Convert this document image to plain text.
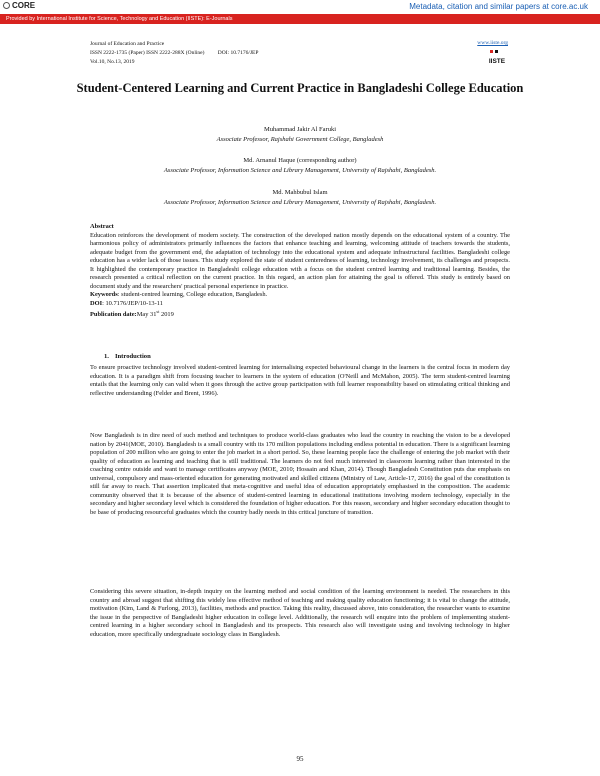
CORE	Metadata, citation and similar papers at core.ac.uk
Provided by International Institute for Science, Technology and Education (IISTE): E-Journals
Journal of Education and Practice
ISSN 2222-1735 (Paper) ISSN 2222-288X (Online) DOI: 10.7176/JEP
Vol.10, No.13, 2019
www.iiste.org
IISTE
Student-Centered Learning and Current Practice in Bangladeshi College Education
Muhammad Jakir Al Faruki
Associate Professor, Rajshahi Government College, Bangladesh
Md. Arnanul Haque (corresponding author)
Associate Professor, Information Science and Library Management, University of Rajshahi, Bangladesh.
Md. Mahbubul Islam
Associate Professor, Information Science and Library Management, University of Rajshahi, Bangladesh.
Abstract

Education reinforces the development of modern society. The construction of the developed nation mostly depends on the educational system of a country. The harmonious policy of administrators primarily influences the factors that enhance teaching and learning, welcoming attitude of teachers towards the students, adequate budget from the government end, the adaptation of technology into the educational system and adequate infrastructural facilities. Bangladeshi college education has a wider lack of those issues. This study explored the state of student centeredness of learning, technology involvement, its challenges and prospects. It highlighted the contemporary practice in Bangladeshi college education with a focus on the student centred learning and traditional learning. Besides, the research presented a critical reflection on the current practice. In this regard, an action plan for attaining the goal is offered. This study is entirely based on document study and the researchers' practical personal experience in practice.

Keywords: student-centred learning, College education, Bangladesh.
DOI: 10.7176/JEP/10-13-11
Publication date:May 31st 2019
1. Introduction

To ensure proactive technology involved student-centred learning for internalising expected behavioural change in the learners is the central focus in modern day education. It is a paradigm shift from focusing teacher to learners in the system of education (O'Neill and McMahon, 2005). The term student-centred learning entails that the learning only can valid when it goes through the active group participation with full learner responsibility based on stimulating critical thinking and reflective understanding (Felder and Brent, 1996).

Now Bangladesh is in dire need of such method and techniques to produce world-class graduates who lead the country in reaching the vision to be a developed nation by 2041(MOE, 2010). Bangladesh is a small country with its 170 million populations including endless potential in education. There is a significant learning population of 200 million who are going to enter the job market in a short period. So, these learning people face the challenge of entering the job market with their quality of education as learning and teaching that is still traditional. The learners do not feel much interested in classroom learning rather than interested in the coaching centre outside and want to manage certificates anyway (MOE, 2010; Hossain and Khan, 2014). Though Bangladesh Constitution puts due emphasis on universal, compulsory and mass-oriented education for generating motivated and skilled citizens (Ministry of Law, Article-17, 2016) the goal of the constitution is still far away to reach. That assertion implicated that meta-cognitive and useful idea of education appropriately emphasised in the composition. The academic community observed that it is because of the absence of student-centred learning in educational institutions involving modern technology, especially in the secondary and higher secondary level which is considered the foundation of higher education. For this reason, secondary and higher secondary education thought to be base of producing resourceful graduates which the country badly needs in this critical juncture of transition.

Considering this severe situation, in-depth inquiry on the learning method and social condition of the learning environment is needed. The researchers in this country and abroad suggest that shifting this widely less effective method of teaching and making quality education functioning; it is vital to change the attitude, motivation (Kim, Land & Furlong, 2013), facilities, methods and practice. Taking this reality, discussed above, into consideration, the researcher wants to examine the issue in the perspective of Bangladeshi higher education in college level. Additionally, the research will enquire into the problem of implementing student-centred learning in a higher secondary school in Bangladesh and its prospects. This research also will investigate using and involving technology in higher education, more specifically undergraduate sociology class in Bangladesh.

95
